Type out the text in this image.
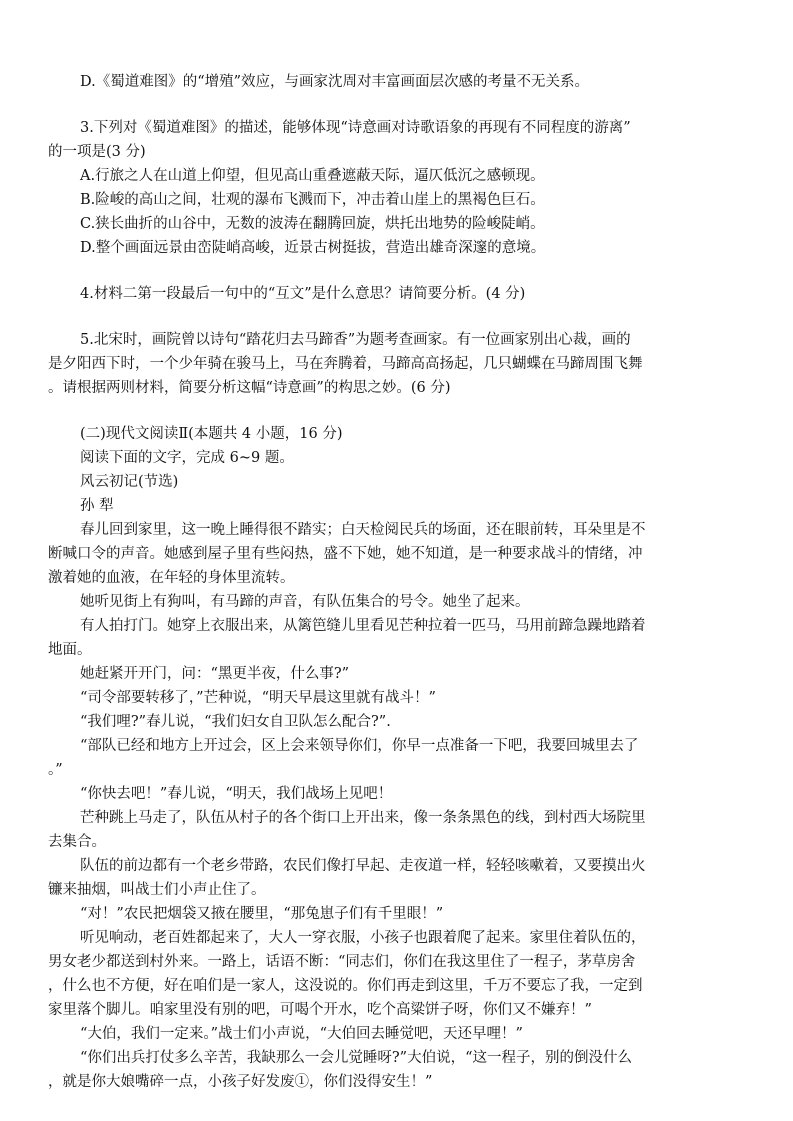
D.《蜀道难图》的“增殖”效应，与画家沈周对丰富画面层次感的考量不无关系。

3.下列对《蜀道难图》的描述，能够体现“诗意画对诗歌语象的再现有不同程度的游离”

的一项是(3 分)

A.行旅之人在山道上仰望，但见高山重叠遮蔽天际，逼仄低沉之感顿现。

B.险峻的高山之间，壮观的瀑布飞溅而下，冲击着山崖上的黑褐色巨石。

C.狭长曲折的山谷中，无数的波涛在翻腾回旋，烘托出地势的险峻陡峭。

D.整个画面远景由峦陡峭高峻，近景古树挺拔，营造出雄奇深邃的意境。

4.材料二第一段最后一句中的“互文”是什么意思？请简要分析。(4 分)

5.北宋时，画院曾以诗句“踏花归去马蹄香”为题考查画家。有一位画家别出心裁，画的

是夕阳西下时，一个少年骑在骏马上，马在奔腾着，马蹄高高扬起，几只蝴蝶在马蹄周围飞舞

。请根据两则材料，简要分析这幅“诗意画”的构思之妙。(6 分)

(二)现代文阅读Ⅱ(本题共 4 小题，16 分)

阅读下面的文字，完成 6~9 题。

风云初记(节选)

孙 犁

春儿回到家里，这一晚上睡得很不踏实；白天检阅民兵的场面，还在眼前转，耳朵里是不

断喊口令的声音。她感到屋子里有些闷热，盛不下她，她不知道，是一种要求战斗的情绪，冲

激着她的血液，在年轻的身体里流转。

她听见街上有狗叫，有马蹄的声音，有队伍集合的号令。她坐了起来。

有人拍打门。她穿上衣服出来，从篱笆缝儿里看见芒种拉着一匹马，马用前蹄急躁地踏着

地面。

她赶紧开开门，问：“黑更半夜，什么事?”

“司令部要转移了，”芒种说，“明天早晨这里就有战斗！”

“我们哩?”春儿说，“我们妇女自卫队怎么配合?”.

“部队已经和地方上开过会，区上会来领导你们，你早一点准备一下吧，我要回城里去了

。”

“你快去吧！”春儿说，“明天，我们战场上见吧！

芒种跳上马走了，队伍从村子的各个街口上开出来，像一条条黑色的线，到村西大场院里

去集合。

队伍的前边都有一个老乡带路，农民们像打早起、走夜道一样，轻轻咳嗽着，又要摸出火

镰来抽烟，叫战士们小声止住了。

“对！”农民把烟袋又掖在腰里，“那兔崽子们有千里眼！”

听见响动，老百姓都起来了，大人一穿衣服，小孩子也跟着爬了起来。家里住着队伍的，

男女老少都送到村外来。一路上，话语不断：“同志们，你们在我这里住了一程子，茅草房舍

，什么也不方便，好在咱们是一家人，这没说的。你们再走到这里，千万不要忘了我，一定到

家里落个脚儿。咱家里没有别的吧，可喝个开水，吃个高粱饼子呀，你们又不嫌弃！”

“大伯，我们一定来。”战士们小声说，“大伯回去睡觉吧，天还早哩！”

“你们出兵打仗多么辛苦，我缺那么一会儿觉睡呀?”大伯说，“这一程子，别的倒没什么

，就是你大娘嘴碎一点，小孩子好发废①，你们没得安生！”
